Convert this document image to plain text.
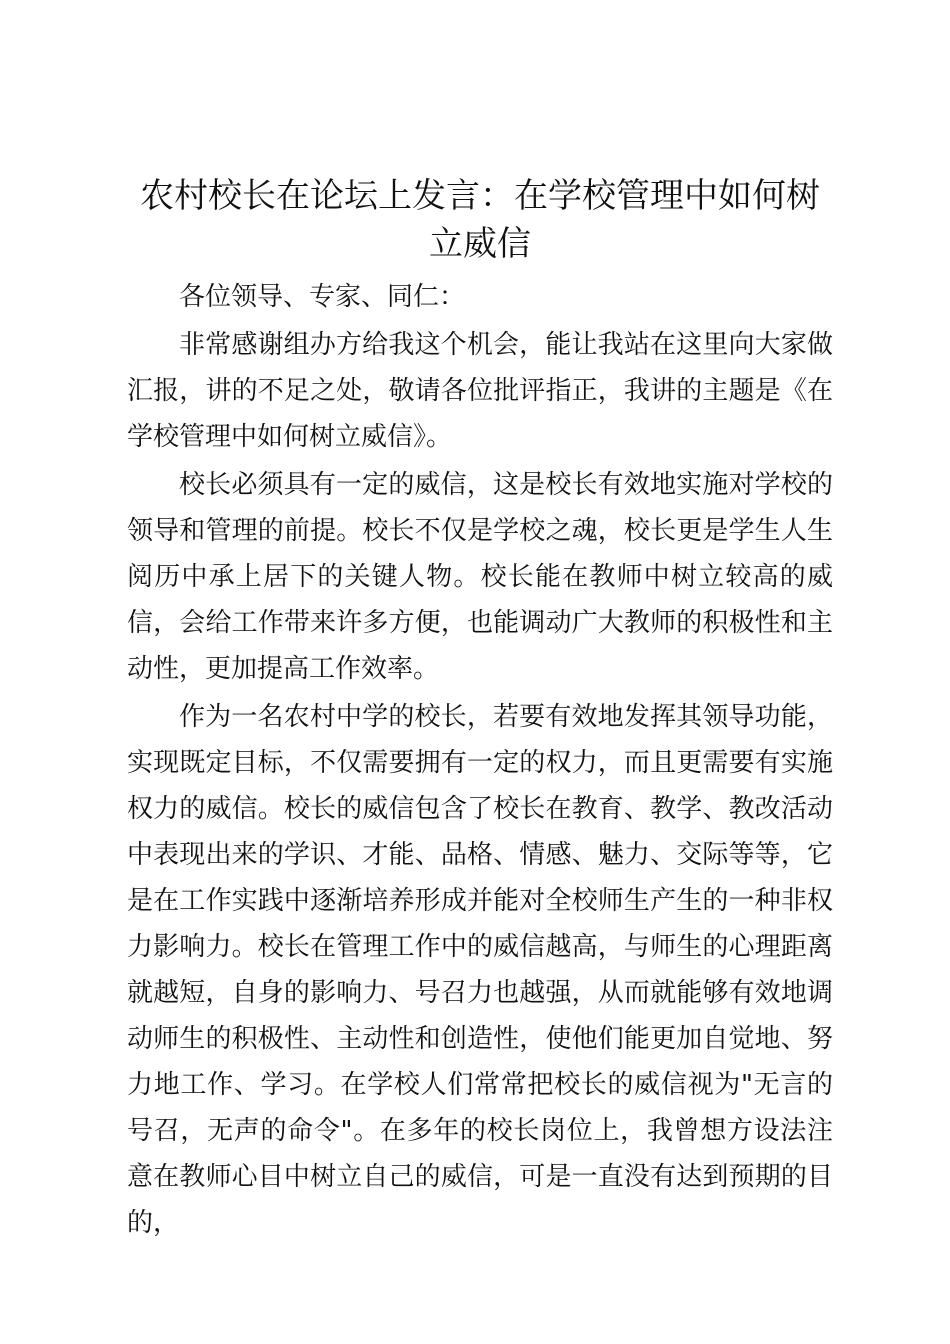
农村校长在论坛上发言：在学校管理中如何树立威信

各位领导、专家、同仁：

非常感谢组办方给我这个机会，能让我站在这里向大家做汇报，讲的不足之处，敬请各位批评指正，我讲的主题是《在学校管理中如何树立威信》。

校长必须具有一定的威信，这是校长有效地实施对学校的领导和管理的前提。校长不仅是学校之魂，校长更是学生人生阅历中承上居下的关键人物。校长能在教师中树立较高的威信，会给工作带来许多方便，也能调动广大教师的积极性和主动性，更加提高工作效率。

作为一名农村中学的校长，若要有效地发挥其领导功能，实现既定目标，不仅需要拥有一定的权力，而且更需要有实施权力的威信。校长的威信包含了校长在教育、教学、教改活动中表现出来的学识、才能、品格、情感、魅力、交际等等，它是在工作实践中逐渐培养形成并能对全校师生产生的一种非权力影响力。校长在管理工作中的威信越高，与师生的心理距离就越短，自身的影响力、号召力也越强，从而就能够有效地调动师生的积极性、主动性和创造性，使他们能更加自觉地、努力地工作、学习。在学校人们常常把校长的威信视为"无言的号召，无声的命令"。在多年的校长岗位上，我曾想方设法注意在教师心目中树立自己的威信，可是一直没有达到预期的目的，
